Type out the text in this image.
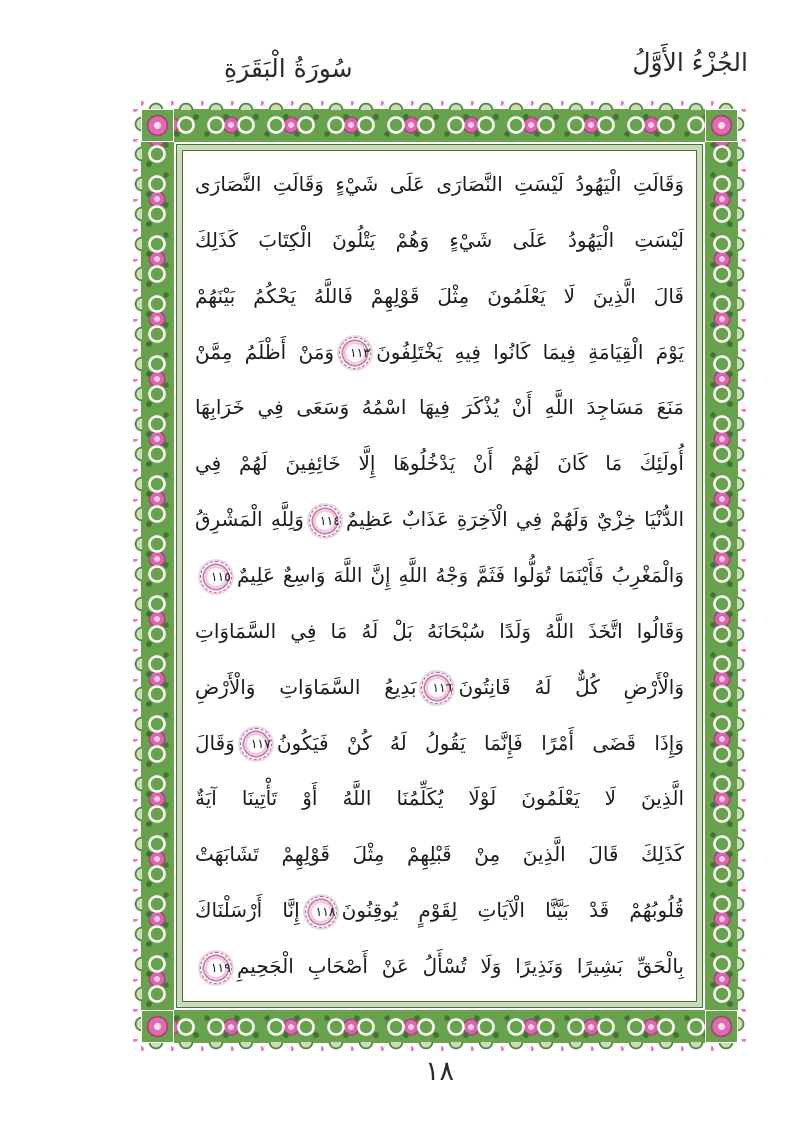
الجُزْءُ الأَوَّلُ
سُورَةُ الْبَقَرَةِ
وَقَالَتِ الْيَهُودُ لَيْسَتِ النَّصَارَى عَلَى شَيْءٍ وَقَالَتِ النَّصَارَى
لَيْسَتِ الْيَهُودُ عَلَى شَيْءٍ وَهُمْ يَتْلُونَ الْكِتَابَ كَذَلِكَ
قَالَ الَّذِينَ لَا يَعْلَمُونَ مِثْلَ قَوْلِهِمْ فَاللَّهُ يَحْكُمُ بَيْنَهُمْ
يَوْمَ الْقِيَامَةِ فِيمَا كَانُوا فِيهِ يَخْتَلِفُونَ١١٣وَمَنْ أَظْلَمُ مِمَّنْ
مَنَعَ مَسَاجِدَ اللَّهِ أَنْ يُذْكَرَ فِيهَا اسْمُهُ وَسَعَى فِي خَرَابِهَا
أُولَئِكَ مَا كَانَ لَهُمْ أَنْ يَدْخُلُوهَا إِلَّا خَائِفِينَ لَهُمْ فِي
الدُّنْيَا خِزْيٌ وَلَهُمْ فِي الْآخِرَةِ عَذَابٌ عَظِيمٌ١١٤وَلِلَّهِ الْمَشْرِقُ
وَالْمَغْرِبُ فَأَيْنَمَا تُوَلُّوا فَثَمَّ وَجْهُ اللَّهِ إِنَّ اللَّهَ وَاسِعٌ عَلِيمٌ١١٥
وَقَالُوا اتَّخَذَ اللَّهُ وَلَدًا سُبْحَانَهُ بَلْ لَهُ مَا فِي السَّمَاوَاتِ
وَالْأَرْضِ كُلٌّ لَهُ قَانِتُونَ١١٦بَدِيعُ السَّمَاوَاتِ وَالْأَرْضِ
وَإِذَا قَضَى أَمْرًا فَإِنَّمَا يَقُولُ لَهُ كُنْ فَيَكُونُ١١٧وَقَالَ
الَّذِينَ لَا يَعْلَمُونَ لَوْلَا يُكَلِّمُنَا اللَّهُ أَوْ تَأْتِينَا آيَةٌ
كَذَلِكَ قَالَ الَّذِينَ مِنْ قَبْلِهِمْ مِثْلَ قَوْلِهِمْ تَشَابَهَتْ
قُلُوبُهُمْ قَدْ بَيَّنَّا الْآيَاتِ لِقَوْمٍ يُوقِنُونَ١١٨إِنَّا أَرْسَلْنَاكَ
بِالْحَقِّ بَشِيرًا وَنَذِيرًا وَلَا تُسْأَلُ عَنْ أَصْحَابِ الْجَحِيمِ١١٩
١٨
